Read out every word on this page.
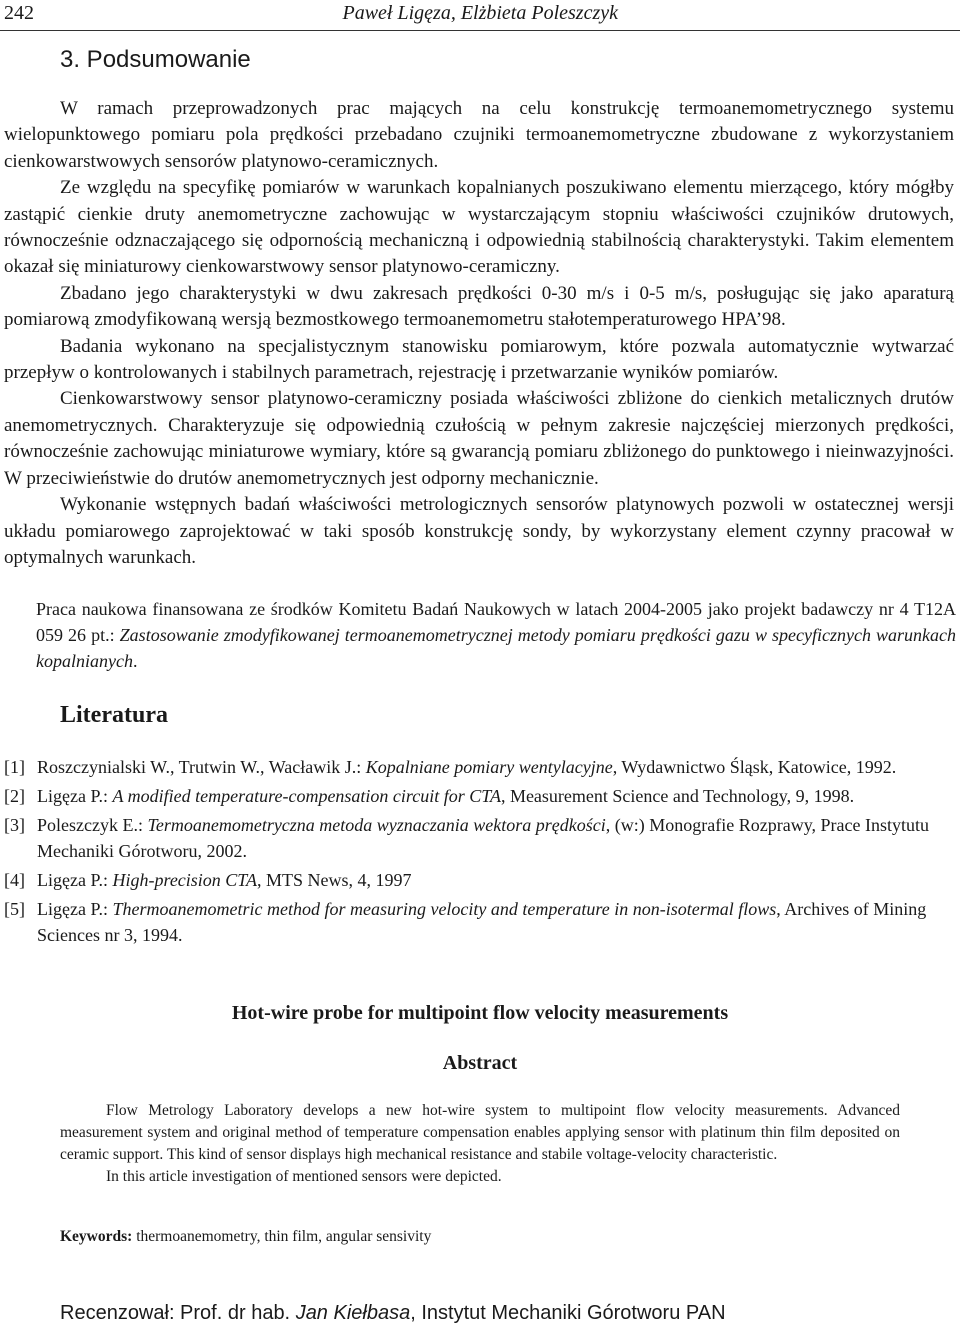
242	Paweł Ligęza, Elżbieta Poleszczyk
3. Podsumowanie

W ramach przeprowadzonych prac mających na celu konstrukcję termoanemometrycznego systemu wielopunktowego pomiaru pola prędkości przebadano czujniki termoanemometryczne zbudowane z wykorzystaniem cienkowarstwowych sensorów platynowo-ceramicznych.

Ze względu na specyfikę pomiarów w warunkach kopalnianych poszukiwano elementu mierzącego, który mógłby zastąpić cienkie druty anemometryczne zachowując w wystarczającym stopniu właściwości czujników drutowych, równocześnie odznaczającego się odpornością mechaniczną i odpowiednią stabilnością charakterystyki. Takim elementem okazał się miniaturowy cienkowarstwowy sensor platynowo-ceramiczny.

Zbadano jego charakterystyki w dwu zakresach prędkości 0-30 m/s i 0-5 m/s, posługując się jako aparaturą pomiarową zmodyfikowaną wersją bezmostkowego termoanemometru stałotemperaturowego HPA’98.

Badania wykonano na specjalistycznym stanowisku pomiarowym, które pozwala automatycznie wytwarzać przepływ o kontrolowanych i stabilnych parametrach, rejestrację i przetwarzanie wyników pomiarów.

Cienkowarstwowy sensor platynowo-ceramiczny posiada właściwości zbliżone do cienkich metalicznych drutów anemometrycznych. Charakteryzuje się odpowiednią czułością w pełnym zakresie najczęściej mierzonych prędkości, równocześnie zachowując miniaturowe wymiary, które są gwarancją pomiaru zbliżonego do punktowego i nieinwazyjności. W przeciwieństwie do drutów anemometrycznych jest odporny mechanicznie.

Wykonanie wstępnych badań właściwości metrologicznych sensorów platynowych pozwoli w ostatecznej wersji układu pomiarowego zaprojektować w taki sposób konstrukcję sondy, by wykorzystany element czynny pracował w optymalnych warunkach.

Praca naukowa finansowana ze środków Komitetu Badań Naukowych w latach 2004-2005 jako projekt badawczy nr 4 T12A 059 26 pt.: Zastosowanie zmodyfikowanej termoanemometrycznej metody pomiaru prędkości gazu w specyficznych warunkach kopalnianych.
Literatura
[1] Roszczynialski W., Trutwin W., Wacławik J.: Kopalniane pomiary wentylacyjne, Wydawnictwo Śląsk, Katowice, 1992.
[2] Ligęza P.: A modified temperature-compensation circuit for CTA, Measurement Science and Technology, 9, 1998.
[3] Poleszczyk E.: Termoanemometryczna metoda wyznaczania wektora prędkości, (w:) Monografie Rozprawy, Prace Instytutu Mechaniki Górotworu, 2002.
[4] Ligęza P.: High-precision CTA, MTS News, 4, 1997
[5] Ligęza P.: Thermoanemometric method for measuring velocity and temperature in non-isotermal flows, Archives of Mining Sciences nr 3, 1994.
Hot-wire probe for multipoint flow velocity measurements
Abstract

Flow Metrology Laboratory develops a new hot-wire system to multipoint flow velocity measurements. Advanced measurement system and original method of temperature compensation enables applying sensor with platinum thin film deposited on ceramic support. This kind of sensor displays high mechanical resistance and stabile voltage-velocity characteristic.

In this article investigation of mentioned sensors were depicted.

Keywords: thermoanemometry, thin film, angular sensivity
Recenzował: Prof. dr hab. Jan Kiełbasa, Instytut Mechaniki Górotworu PAN
